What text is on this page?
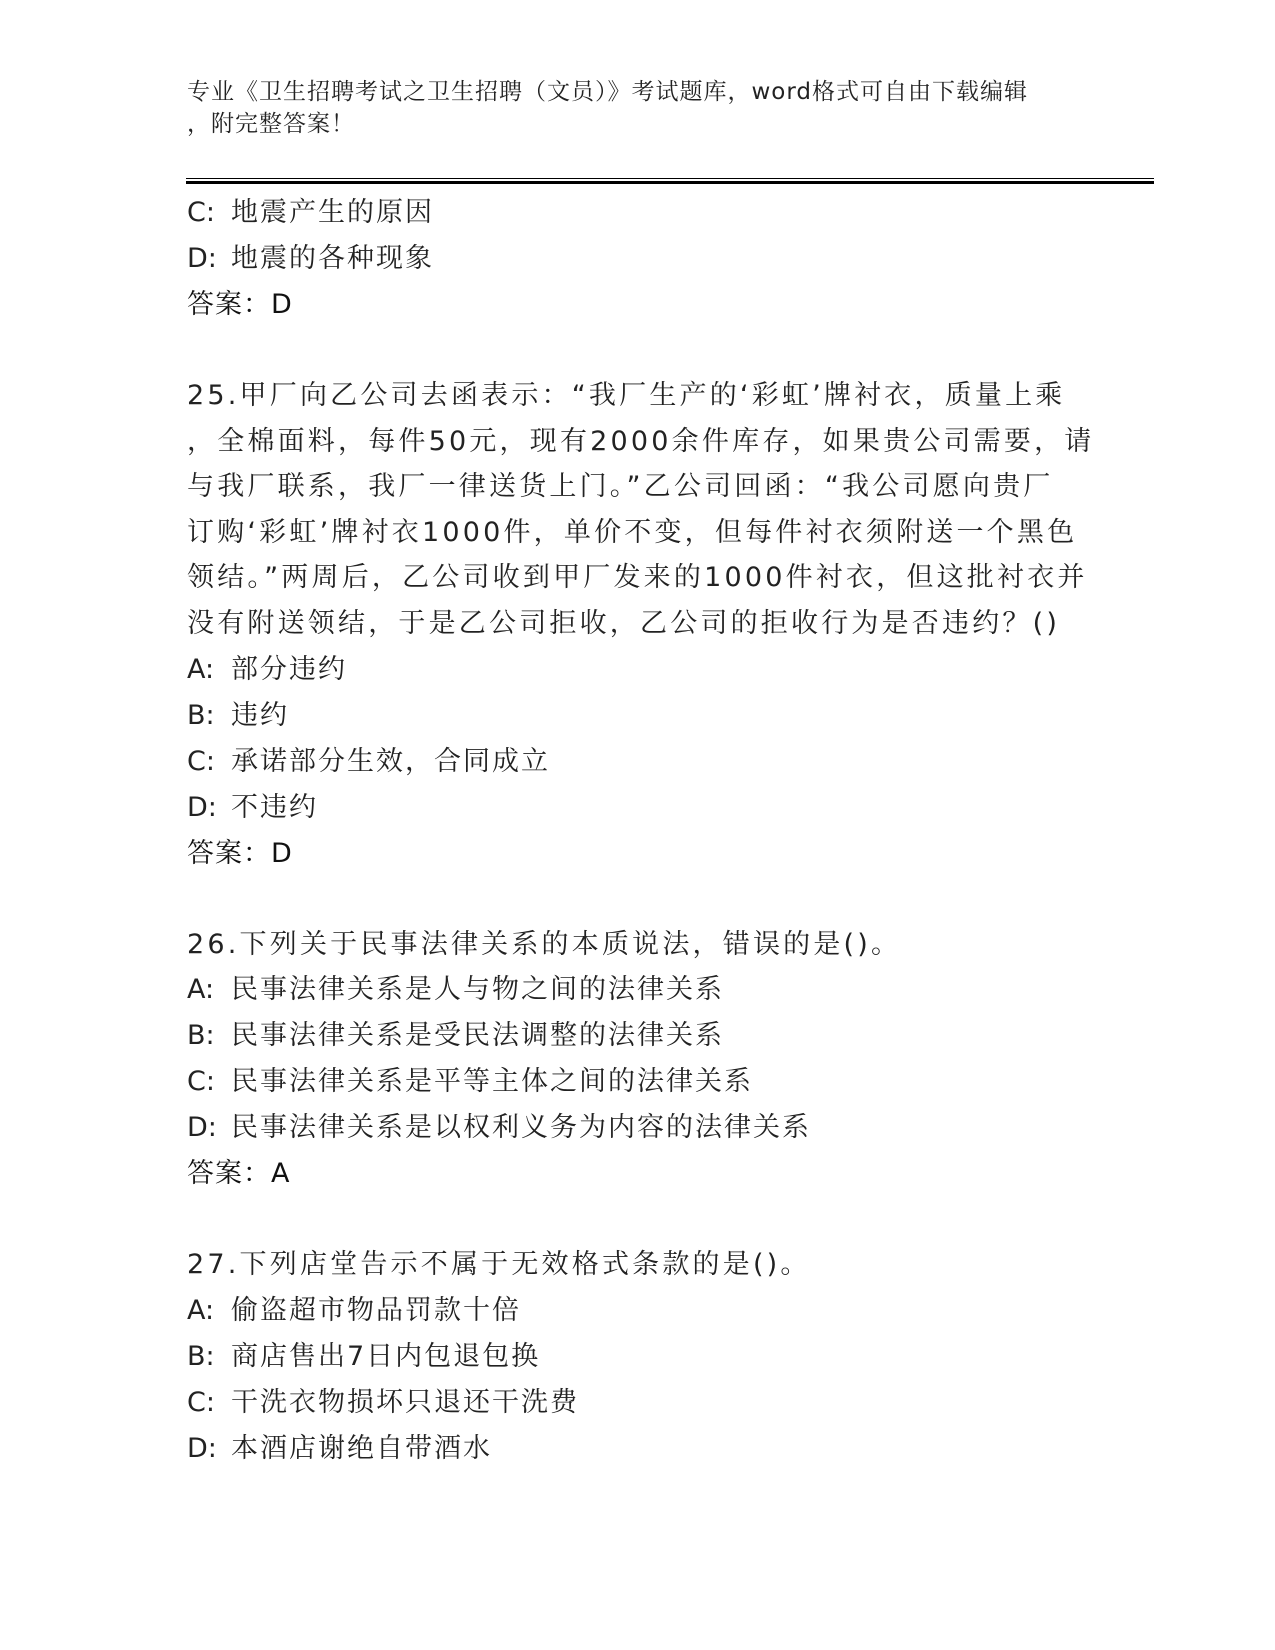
专业《卫生招聘考试之卫生招聘（文员）》考试题库，word格式可自由下载编辑
，附完整答案！
C: 地震产生的原因
D: 地震的各种现象
答案：D
25.甲厂向乙公司去函表示：“我厂生产的‘彩虹’牌衬衣，质量上乘
，全棉面料，每件50元，现有2000余件库存，如果贵公司需要，请
与我厂联系，我厂一律送货上门。”乙公司回函：“我公司愿向贵厂
订购‘彩虹’牌衬衣1000件，单价不变，但每件衬衣须附送一个黑色
领结。”两周后，乙公司收到甲厂发来的1000件衬衣，但这批衬衣并
没有附送领结，于是乙公司拒收，乙公司的拒收行为是否违约？()
A: 部分违约
B: 违约
C: 承诺部分生效，合同成立
D: 不违约
答案：D
26.下列关于民事法律关系的本质说法，错误的是()。
A: 民事法律关系是人与物之间的法律关系
B: 民事法律关系是受民法调整的法律关系
C: 民事法律关系是平等主体之间的法律关系
D: 民事法律关系是以权利义务为内容的法律关系
答案：A
27.下列店堂告示不属于无效格式条款的是()。
A: 偷盗超市物品罚款十倍
B: 商店售出7日内包退包换
C: 干洗衣物损坏只退还干洗费
D: 本酒店谢绝自带酒水
